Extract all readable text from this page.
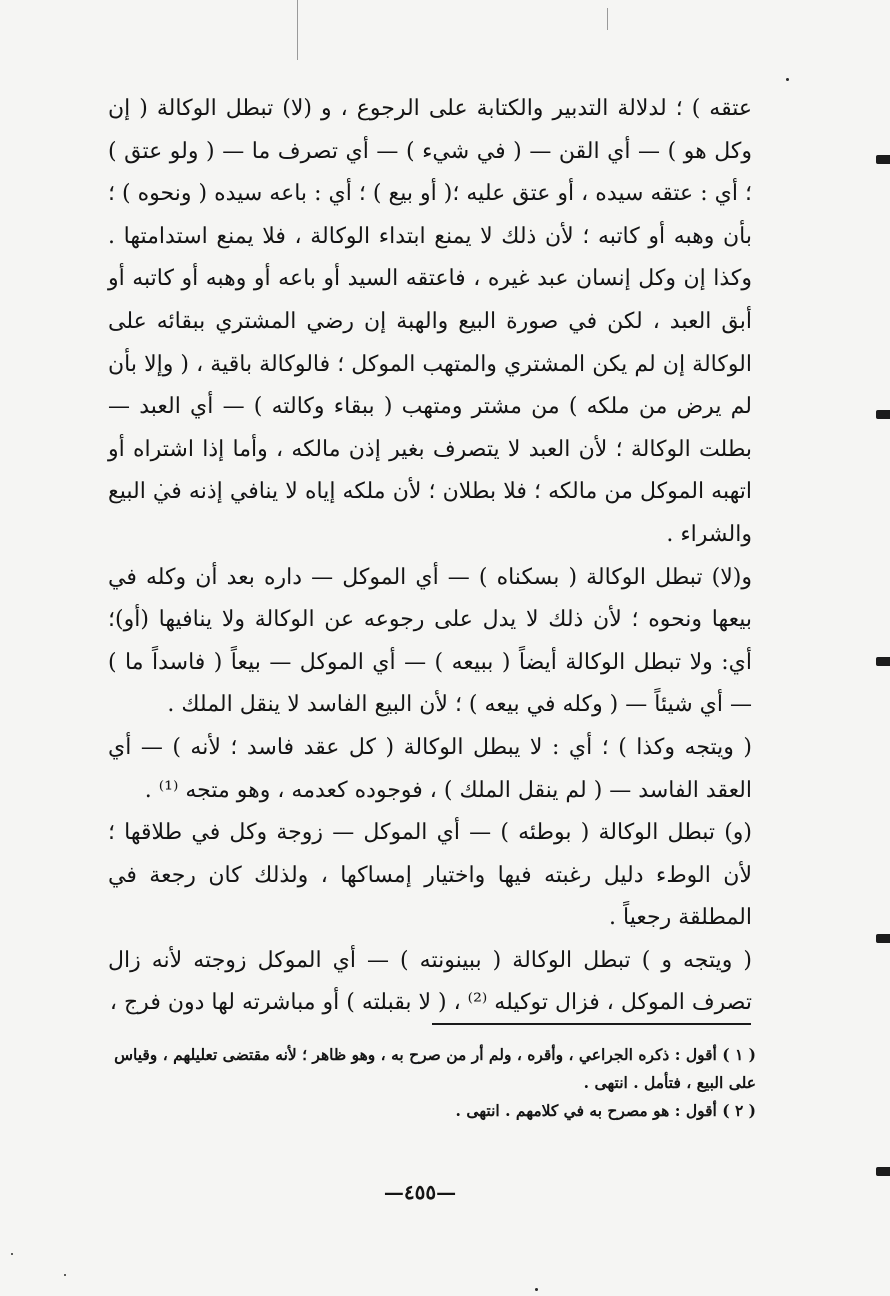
عتقه ) ؛ لدلالة التدبير والكتابة على الرجوع ، و (لا) تبطل الوكالة ( إن وكل هو ) — أي القن — ( في شيء ) — أي تصرف ما — ( ولو عتق ) ؛ أي : عتقه سيده ، أو عتق عليه ؛( أو بيع ) ؛ أي : باعه سيده ( ونحوه ) ؛ بأن وهبه أو كاتبه ؛ لأن ذلك لا يمنع ابتداء الوكالة ، فلا يمنع استدامتها . وكذا إن وكل إنسان عبد غيره ، فاعتقه السيد أو باعه أو وهبه أو كاتبه أو أبق العبد ، لكن في صورة البيع والهبة إن رضي المشتري ببقائه على الوكالة إن لم يكن المشتري والمتهب الموكل ؛ فالوكالة باقية ، ( وإلا بأن لم يرض من ملكه ) من مشتر ومتهب ( ببقاء وكالته ) — أي العبد — بطلت الوكالة ؛ لأن العبد لا يتصرف بغير إذن مالكه ، وأما إذا اشتراه أو اتهبه الموكل من مالكه ؛ فلا بطلان ؛ لأن ملكه إياه لا ينافي إذنه في البيع والشراء .

و(لا) تبطل الوكالة ( بسكناه ) — أي الموكل — داره بعد أن وكله في بيعها ونحوه ؛ لأن ذلك لا يدل على رجوعه عن الوكالة ولا ينافيها (أو)؛ أي: ولا تبطل الوكالة أيضاً ( ببيعه ) — أي الموكل — بيعاً ( فاسداً ما ) — أي شيئاً — ( وكله في بيعه ) ؛ لأن البيع الفاسد لا ينقل الملك .

( ويتجه وكذا ) ؛ أي : لا يبطل الوكالة ( كل عقد فاسد ؛ لأنه ) — أي العقد الفاسد — ( لم ينقل الملك ) ، فوجوده كعدمه ، وهو متجه ⁽¹⁾ .

(و) تبطل الوكالة ( بوطئه ) — أي الموكل — زوجة وكل في طلاقها ؛ لأن الوطء دليل رغبته فيها واختيار إمساكها ، ولذلك كان رجعة في المطلقة رجعياً .

( ويتجه و ) تبطل الوكالة ( ببينونته ) — أي الموكل زوجته لأنه زال تصرف الموكل ، فزال توكيله ⁽²⁾ ، ( لا بقبلته ) أو مباشرته لها دون فرج ،

( ١ ) أقول : ذكره الجراعي ، وأقره ، ولم أر من صرح به ، وهو ظاهر ؛ لأنه مقتضى تعليلهم ، وقياس على البيع ، فتأمل . انتهى .

( ٢ ) أقول : هو مصرح به في كلامهم . انتهى .

—٤٥٥—
